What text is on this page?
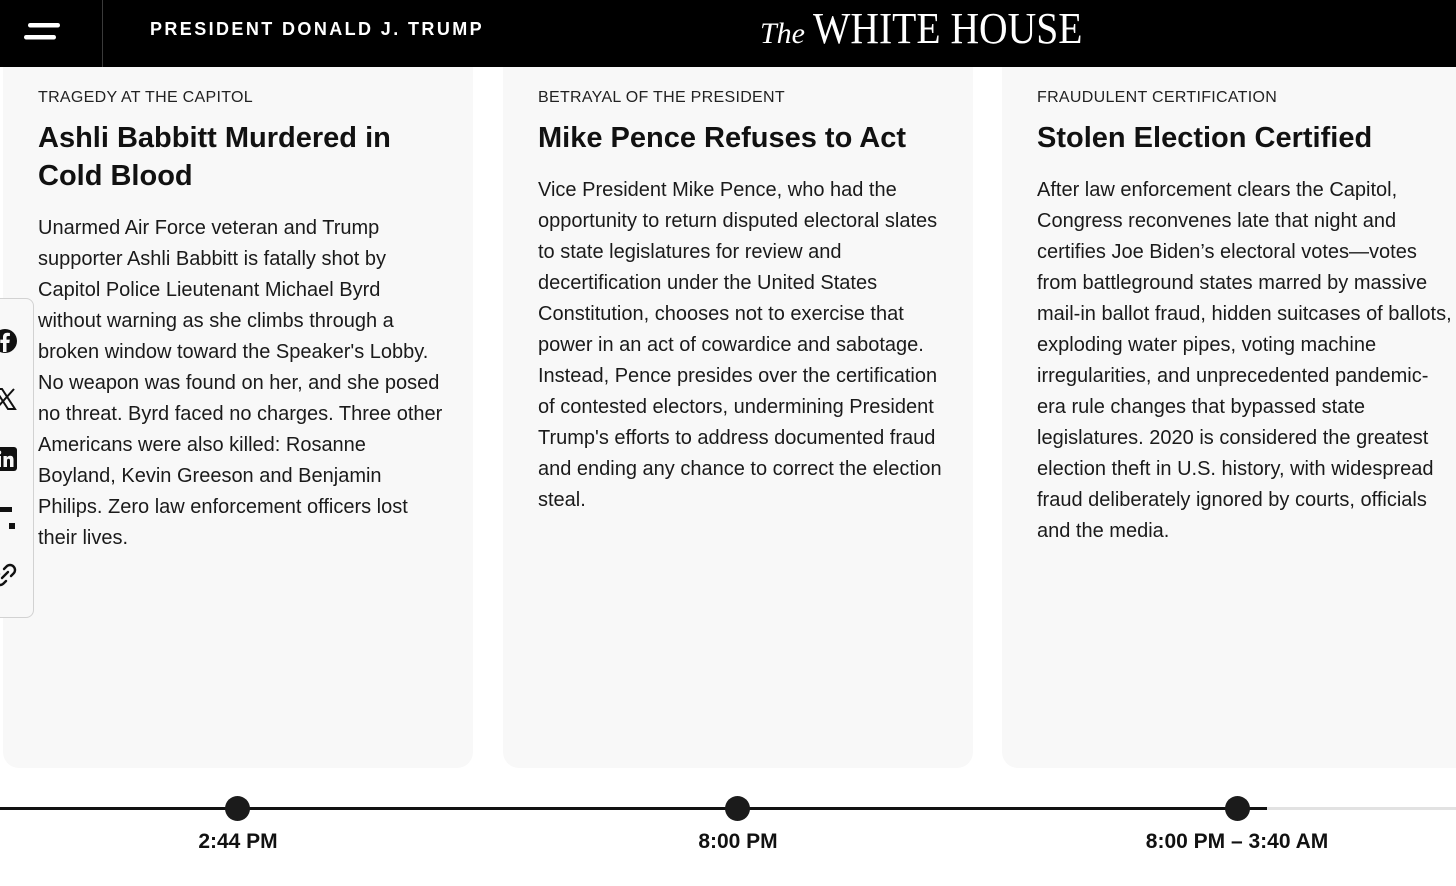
PRESIDENT DONALD J. TRUMP	The WHITE HOUSE
TRAGEDY AT THE CAPITOL
Ashli Babbitt Murdered in Cold Blood
Unarmed Air Force veteran and Trump supporter Ashli Babbitt is fatally shot by Capitol Police Lieutenant Michael Byrd without warning as she climbs through a broken window toward the Speaker's Lobby. No weapon was found on her, and she posed no threat. Byrd faced no charges. Three other Americans were also killed: Rosanne Boyland, Kevin Greeson and Benjamin Philips. Zero law enforcement officers lost their lives.
BETRAYAL OF THE PRESIDENT
Mike Pence Refuses to Act
Vice President Mike Pence, who had the opportunity to return disputed electoral slates to state legislatures for review and decertification under the United States Constitution, chooses not to exercise that power in an act of cowardice and sabotage. Instead, Pence presides over the certification of contested electors, undermining President Trump's efforts to address documented fraud and ending any chance to correct the election steal.
FRAUDULENT CERTIFICATION
Stolen Election Certified
After law enforcement clears the Capitol, Congress reconvenes late that night and certifies Joe Biden’s electoral votes—votes from battleground states marred by massive mail-in ballot fraud, hidden suitcases of ballots, exploding water pipes, voting machine irregularities, and unprecedented pandemic-era rule changes that bypassed state legislatures. 2020 is considered the greatest election theft in U.S. history, with widespread fraud deliberately ignored by courts, officials and the media.
2:44 PM	8:00 PM	8:00 PM – 3:40 AM
